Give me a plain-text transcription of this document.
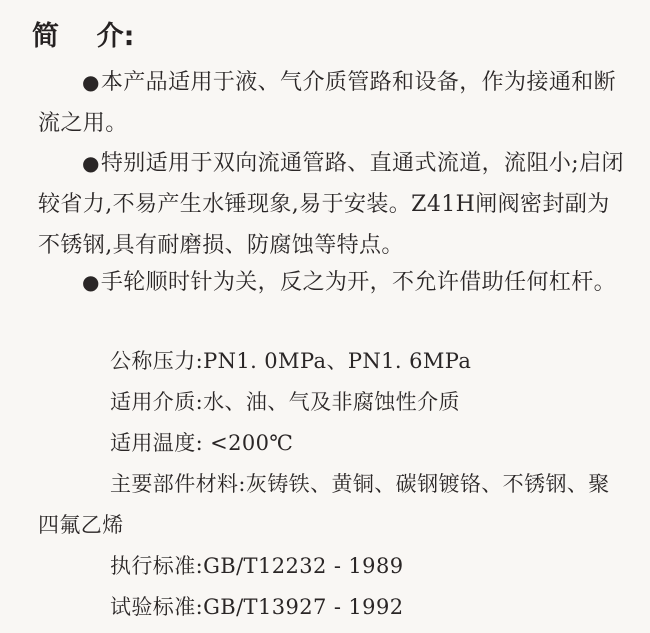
简    介:

●本产品适用于液、气介质管路和设备，作为接通和断流之用。

●特别适用于双向流通管路、直通式流道，流阻小;启闭较省力,不易产生水锤现象,易于安装。Z41H闸阀密封副为不锈钢,具有耐磨损、防腐蚀等特点。

●手轮顺时针为关，反之为开，不允许借助任何杠杆。

公称压力:PN1. 0MPa、PN1. 6MPa

适用介质:水、油、气及非腐蚀性介质

适用温度: <200℃

主要部件材料:灰铸铁、黄铜、碳钢镀铬、不锈钢、聚四氟乙烯

执行标准:GB/T12232 - 1989

试验标准:GB/T13927 - 1992
